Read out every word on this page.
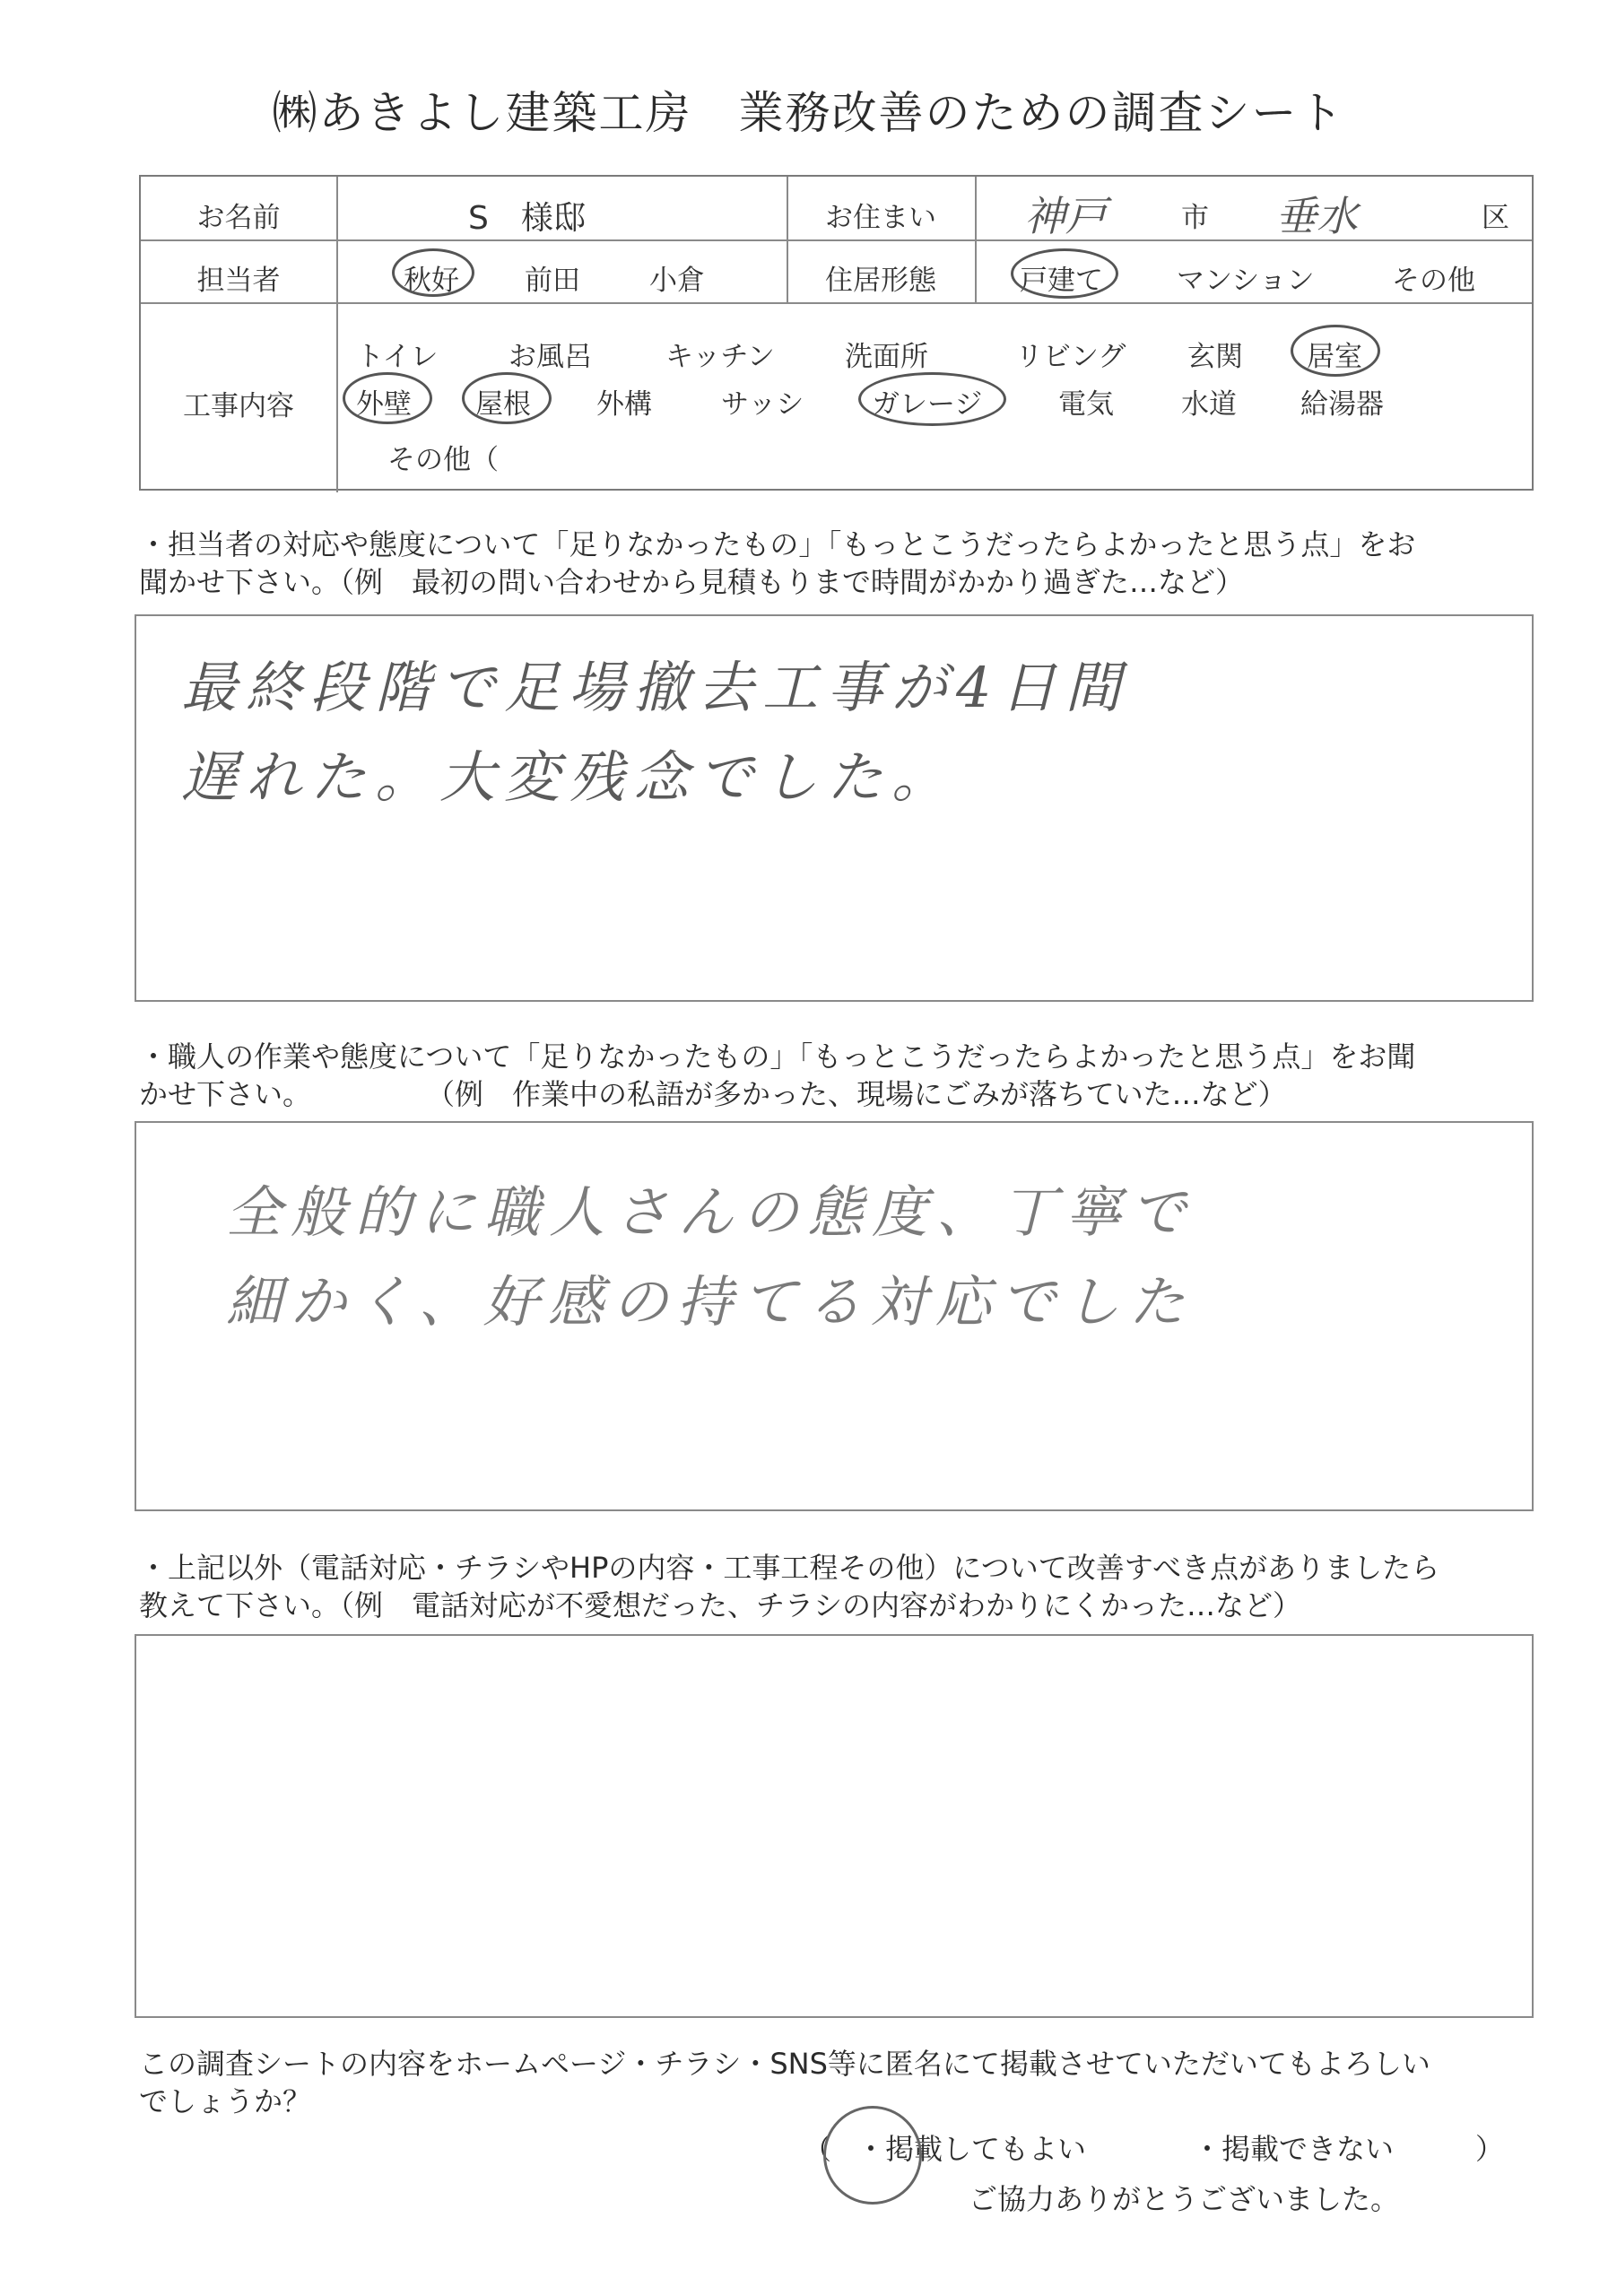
㈱あきよし建築工房　業務改善のための調査シート
お名前	S　様邸	お住まい	神戸	市 垂水	区
担当者	秋好 前田 小倉	住居形態	戸建て	マンション	その他
工事内容
トイレ	お風呂	キッチン	洗面所	リビング 玄関 居室
外壁 屋根 外構 サッシ ガレージ	電気 水道 給湯器
その他（
・担当者の対応や態度について「足りなかったもの」「もっとこうだったらよかったと思う点」をお
聞かせ下さい。（例　最初の問い合わせから見積もりまで時間がかかり過ぎた…など）
最終段階で足場撤去工事が4日間
遅れた。大変残念でした。
・職人の作業や態度について「足りなかったもの」「もっとこうだったらよかったと思う点」をお聞
かせ下さい。　　　　　（例　作業中の私語が多かった、現場にごみが落ちていた…など）
全般的に職人さんの態度、丁寧で
細かく、好感の持てる対応でした
・上記以外（電話対応・チラシやHPの内容・工事工程その他）について改善すべき点がありましたら
教えて下さい。（例　電話対応が不愛想だった、チラシの内容がわかりにくかった…など）
この調査シートの内容をホームページ・チラシ・SNS等に匿名にて掲載させていただいてもよろしい
でしょうか？
（ ・掲載してもよい	・掲載できない	）
ご協力ありがとうございました。
